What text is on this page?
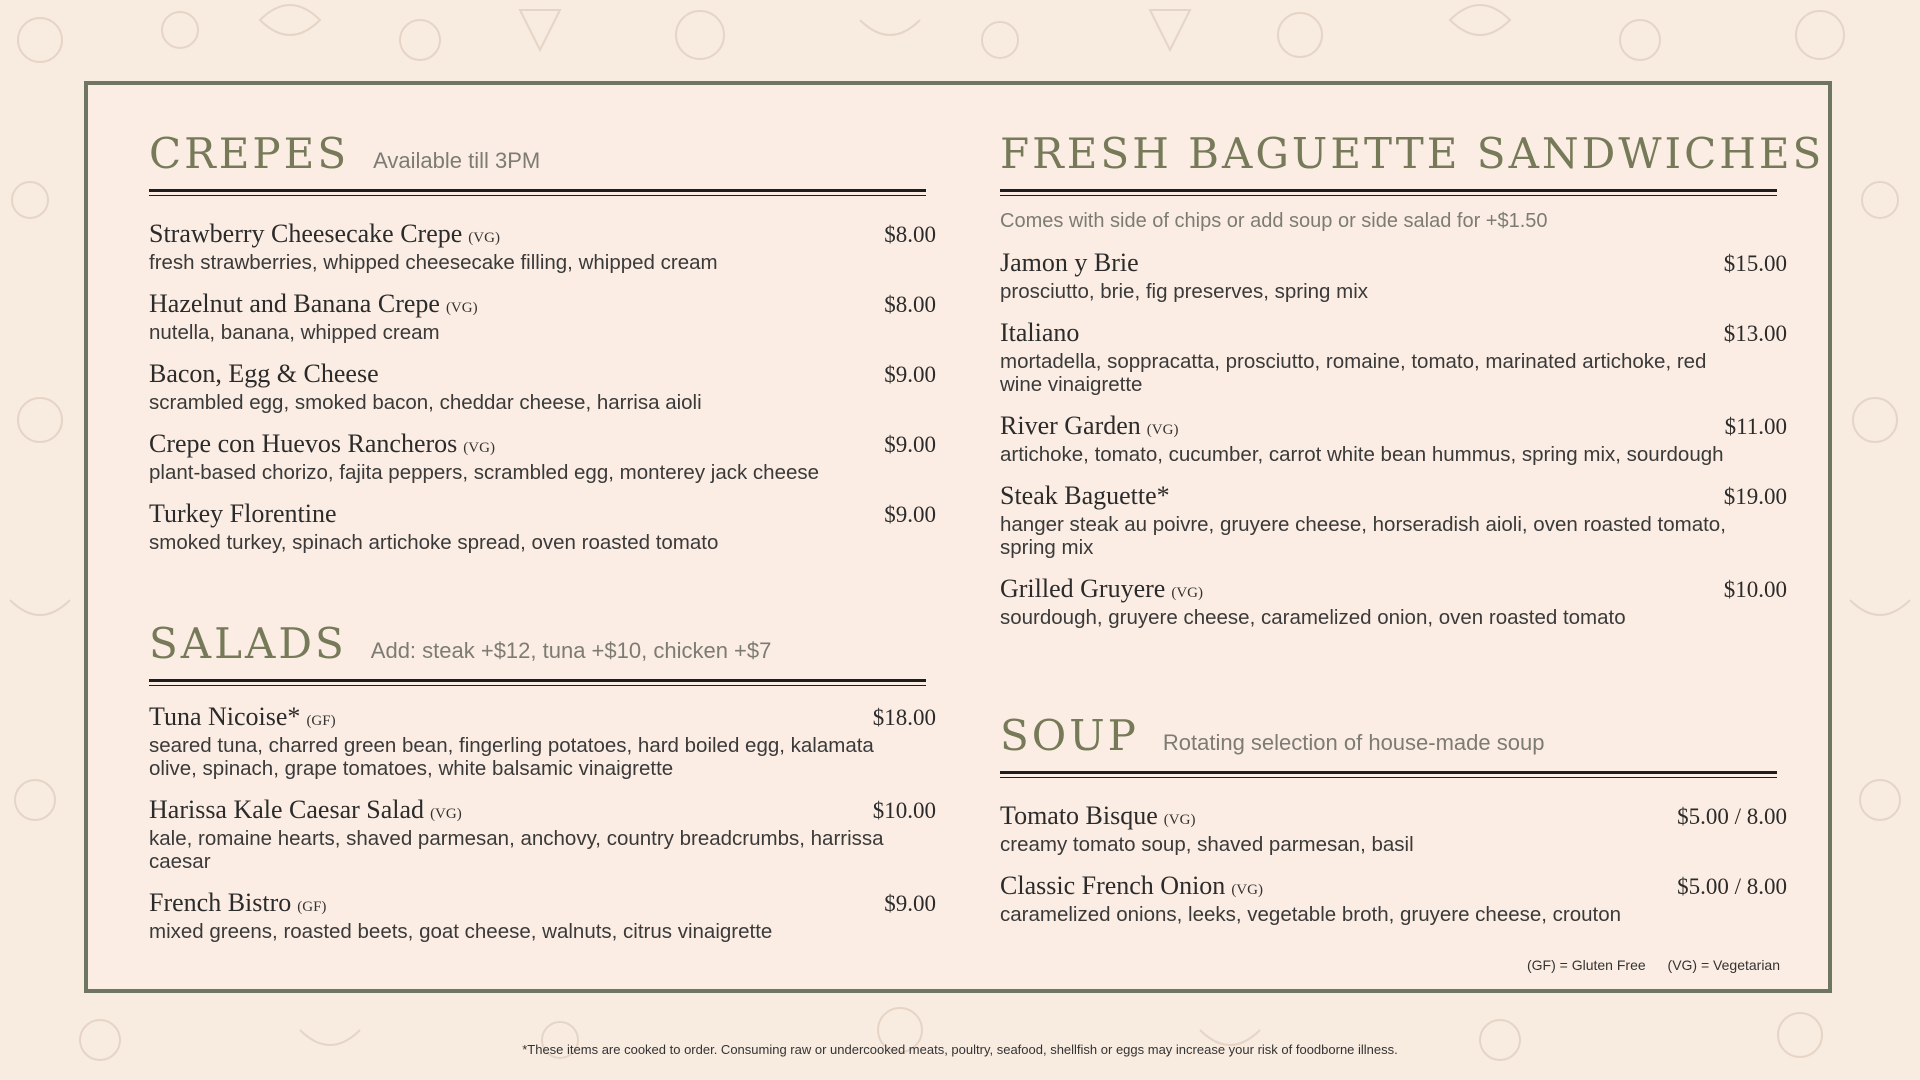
CREPES Available till 3PM
Strawberry Cheesecake Crepe (VG)	$8.00
fresh strawberries, whipped cheesecake filling, whipped cream
Hazelnut and Banana Crepe (VG)	$8.00
nutella, banana, whipped cream
Bacon, Egg & Cheese	$9.00
scrambled egg, smoked bacon, cheddar cheese, harrisa aioli
Crepe con Huevos Rancheros (VG)	$9.00
plant-based chorizo, fajita peppers, scrambled egg, monterey jack cheese
Turkey Florentine	$9.00
smoked turkey, spinach artichoke spread, oven roasted tomato
SALADS Add: steak +$12, tuna +$10, chicken +$7
Tuna Nicoise* (GF)	$18.00
seared tuna, charred green bean, fingerling potatoes, hard boiled egg, kalamata olive, spinach, grape tomatoes, white balsamic vinaigrette
Harissa Kale Caesar Salad (VG)	$10.00
kale, romaine hearts, shaved parmesan, anchovy, country breadcrumbs, harrissa caesar
French Bistro (GF)	$9.00
mixed greens, roasted beets, goat cheese, walnuts, citrus vinaigrette
FRESH BAGUETTE SANDWICHES
Comes with side of chips or add soup or side salad for +$1.50
Jamon y Brie	$15.00
prosciutto, brie, fig preserves, spring mix
Italiano	$13.00
mortadella, soppraсatta, prosciutto, romaine, tomato, marinated artichoke, red wine vinaigrette
River Garden (VG)	$11.00
artichoke, tomato, cucumber, carrot white bean hummus, spring mix, sourdough
Steak Baguette*	$19.00
hanger steak au poivre, gruyere cheese, horseradish aioli, oven roasted tomato, spring mix
Grilled Gruyere (VG)	$10.00
sourdough, gruyere cheese, caramelized onion, oven roasted tomato
SOUP Rotating selection of house-made soup
Tomato Bisque (VG)	$5.00 / 8.00
creamy tomato soup, shaved parmesan, basil
Classic French Onion (VG)	$5.00 / 8.00
caramelized onions, leeks, vegetable broth, gruyere cheese, crouton
(GF) = Gluten Free (VG) = Vegetarian
*These items are cooked to order. Consuming raw or undercooked meats, poultry, seafood, shellfish or eggs may increase your risk of foodborne illness.
